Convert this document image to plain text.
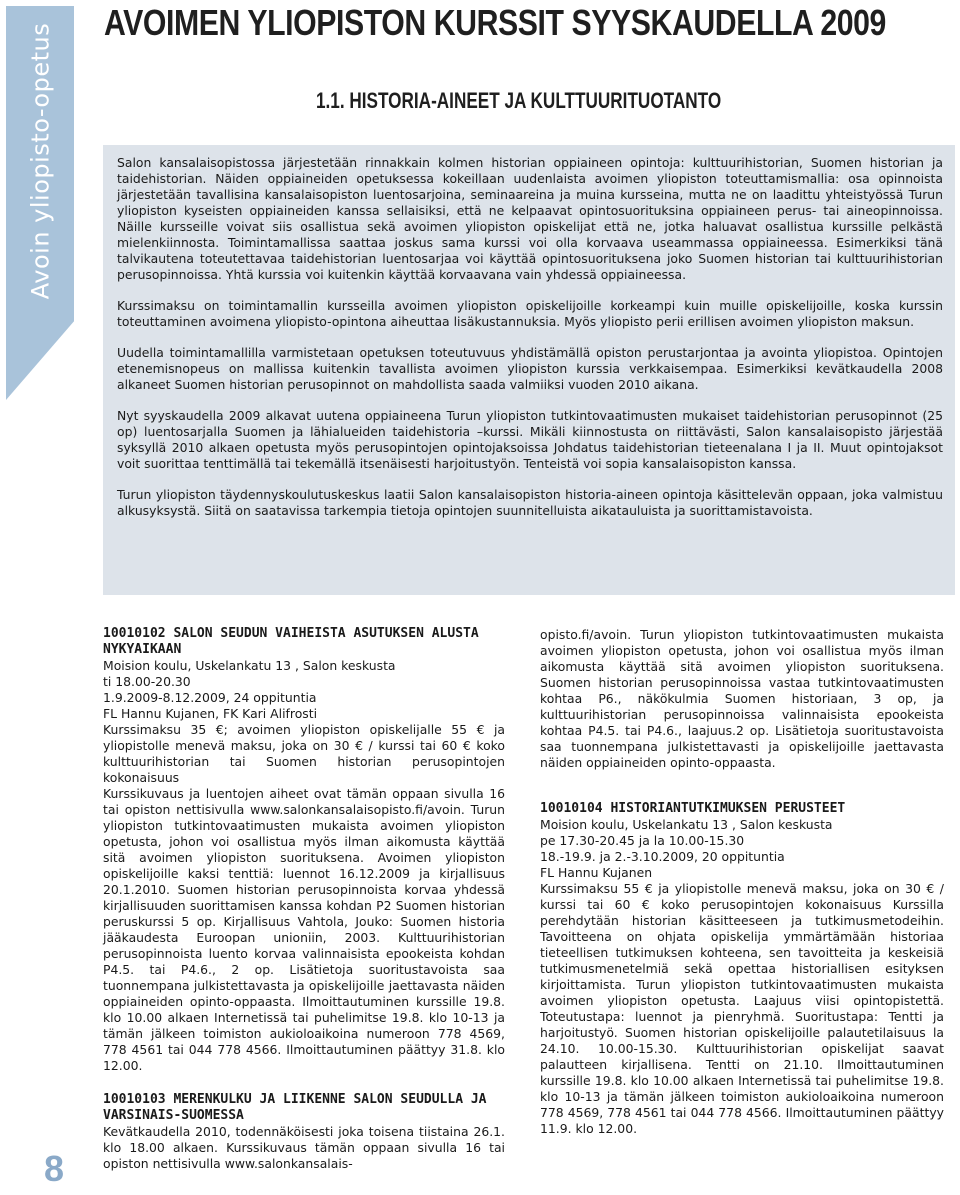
Avoin yliopisto-opetus
AVOIMEN YLIOPISTON KURSSIT SYYSKAUDELLA 2009
1.1. HISTORIA-AINEET JA KULTTUURITUOTANTO

Salon kansalaisopistossa järjestetään rinnakkain kolmen historian oppiaineen opintoja: kulttuurihistorian, Suomen historian ja taidehistorian. Näiden oppiaineiden opetuksessa kokeillaan uudenlaista avoimen yliopiston toteuttamismallia: osa opinnoista järjestetään tavallisina kansalaisopiston luentosarjoina, seminaareina ja muina kursseina, mutta ne on laadittu yhteistyössä Turun yliopiston kyseisten oppiaineiden kanssa sellaisiksi, että ne kelpaavat opintosuorituksina oppiaineen perus- tai aineopinnoissa. Näille kursseille voivat siis osallistua sekä avoimen yliopiston opiskelijat että ne, jotka haluavat osallistua kurssille pelkästä mielenkiinnosta. Toimintamallissa saattaa joskus sama kurssi voi olla korvaava useammassa oppiaineessa. Esimerkiksi tänä talvikautena toteutettavaa taidehistorian luentosarjaa voi käyttää opintosuorituksena joko Suomen historian tai kulttuurihistorian perusopinnoissa. Yhtä kurssia voi kuitenkin käyttää korvaavana vain yhdessä oppiaineessa.

Kurssimaksu on toimintamallin kursseilla avoimen yliopiston opiskelijoille korkeampi kuin muille opiskelijoille, koska kurssin toteuttaminen avoimena yliopisto-opintona aiheuttaa lisäkustannuksia. Myös yliopisto perii erillisen avoimen yliopiston maksun.

Uudella toimintamallilla varmistetaan opetuksen toteutuvuus yhdistämällä opiston perustarjontaa ja avointa yliopistoa. Opintojen etenemisnopeus on mallissa kuitenkin tavallista avoimen yliopiston kurssia verkkaisempaa. Esimerkiksi kevätkaudella 2008 alkaneet Suomen historian perusopinnot on mahdollista saada valmiiksi vuoden 2010 aikana.

Nyt syyskaudella 2009 alkavat uutena oppiaineena Turun yliopiston tutkintovaatimusten mukaiset taidehistorian perusopinnot (25 op) luentosarjalla Suomen ja lähialueiden taidehistoria –kurssi. Mikäli kiinnostusta on riittävästi, Salon kansalaisopisto järjestää syksyllä 2010 alkaen opetusta myös perusopintojen opintojaksoissa Johdatus taidehistorian tieteenalana I ja II. Muut opintojaksot voit suorittaa tenttimällä tai tekemällä itsenäisesti harjoitustyön. Tenteistä voi sopia kansalaisopiston kanssa.

Turun yliopiston täydennyskoulutuskeskus laatii Salon kansalaisopiston historia-aineen opintoja käsittelevän oppaan, joka valmistuu alkusyksystä. Siitä on saatavissa tarkempia tietoja opintojen suunnitelluista aikatauluista ja suorittamistavoista.

10010102 SALON SEUDUN VAIHEISTA ASUTUKSEN ALUSTA NYKYAIKAAN

Moision koulu, Uskelankatu 13 , Salon keskusta

ti 18.00-20.30

1.9.2009-8.12.2009, 24 oppituntia

FL Hannu Kujanen, FK Kari Alifrosti

Kurssimaksu 35 €; avoimen yliopiston opiskelijalle 55 € ja yliopistolle menevä maksu, joka on 30 € / kurssi tai 60 € koko kulttuurihistorian tai Suomen historian perusopintojen kokonaisuus

Kurssikuvaus ja luentojen aiheet ovat tämän oppaan sivulla 16 tai opiston nettisivulla www.salonkansalaisopisto.fi/avoin. Turun yliopiston tutkintovaatimusten mukaista avoimen yliopiston opetusta, johon voi osallistua myös ilman aikomusta käyttää sitä avoimen yliopiston suorituksena. Avoimen yliopiston opiskelijoille kaksi tenttiä: luennot 16.12.2009 ja kirjallisuus 20.1.2010. Suomen historian perusopinnoista korvaa yhdessä kirjallisuuden suorittamisen kanssa kohdan P2 Suomen historian peruskurssi 5 op. Kirjallisuus Vahtola, Jouko: Suomen historia jääkaudesta Euroopan unioniin, 2003. Kulttuurihistorian perusopinnoista luento korvaa valinnaisista epookeista kohdan P4.5. tai P4.6., 2 op. Lisätietoja suoritustavoista saa tuonnempana julkistettavasta ja opiskelijoille jaettavasta näiden oppiaineiden opinto-oppaasta. Ilmoittautuminen kurssille 19.8. klo 10.00 alkaen Internetissä tai puhelimitse 19.8. klo 10-13 ja tämän jälkeen toimiston aukioloaikoina numeroon 778 4569, 778 4561 tai 044 778 4566. Ilmoittautuminen päättyy 31.8. klo 12.00.

10010103 MERENKULKU JA LIIKENNE SALON SEUDULLA JA VARSINAIS-SUOMESSA

Kevätkaudella 2010, todennäköisesti joka toisena tiistaina 26.1. klo 18.00 alkaen. Kurssikuvaus tämän oppaan sivulla 16 tai opiston nettisivulla www.salonkansalais-

opisto.fi/avoin. Turun yliopiston tutkintovaatimusten mukaista avoimen yliopiston opetusta, johon voi osallistua myös ilman aikomusta käyttää sitä avoimen yliopiston suorituksena. Suomen historian perusopinnoissa vastaa tutkintovaatimusten kohtaa P6., näkökulmia Suomen historiaan, 3 op, ja kulttuurihistorian perusopinnoissa valinnaisista epookeista kohtaa P4.5. tai P4.6., laajuus.2 op. Lisätietoja suoritustavoista saa tuonnempana julkistettavasti ja opiskelijoille jaettavasta näiden oppiaineiden opinto-oppaasta.

10010104 HISTORIANTUTKIMUKSEN PERUSTEET

Moision koulu, Uskelankatu 13 , Salon keskusta

pe 17.30-20.45 ja la 10.00-15.30

18.-19.9. ja 2.-3.10.2009, 20 oppituntia

FL Hannu Kujanen

Kurssimaksu 55 € ja yliopistolle menevä maksu, joka on 30 € / kurssi tai 60 € koko perusopintojen kokonaisuus Kurssilla perehdytään historian käsitteeseen ja tutkimusmetodeihin. Tavoitteena on ohjata opiskelija ymmärtämään historiaa tieteellisen tutkimuksen kohteena, sen tavoitteita ja keskeisiä tutkimusmenetelmiä sekä opettaa historiallisen esityksen kirjoittamista. Turun yliopiston tutkintovaatimusten mukaista avoimen yliopiston opetusta. Laajuus viisi opintopistettä. Toteutustapa: luennot ja pienryhmä. Suoritustapa: Tentti ja harjoitustyö. Suomen historian opiskelijoille palautetilaisuus la 24.10. 10.00-15.30. Kulttuurihistorian opiskelijat saavat palautteen kirjallisena. Tentti on 21.10. Ilmoittautuminen kurssille 19.8. klo 10.00 alkaen Internetissä tai puhelimitse 19.8. klo 10-13 ja tämän jälkeen toimiston aukioloaikoina numeroon 778 4569, 778 4561 tai 044 778 4566. Ilmoittautuminen päättyy 11.9. klo 12.00.

8
